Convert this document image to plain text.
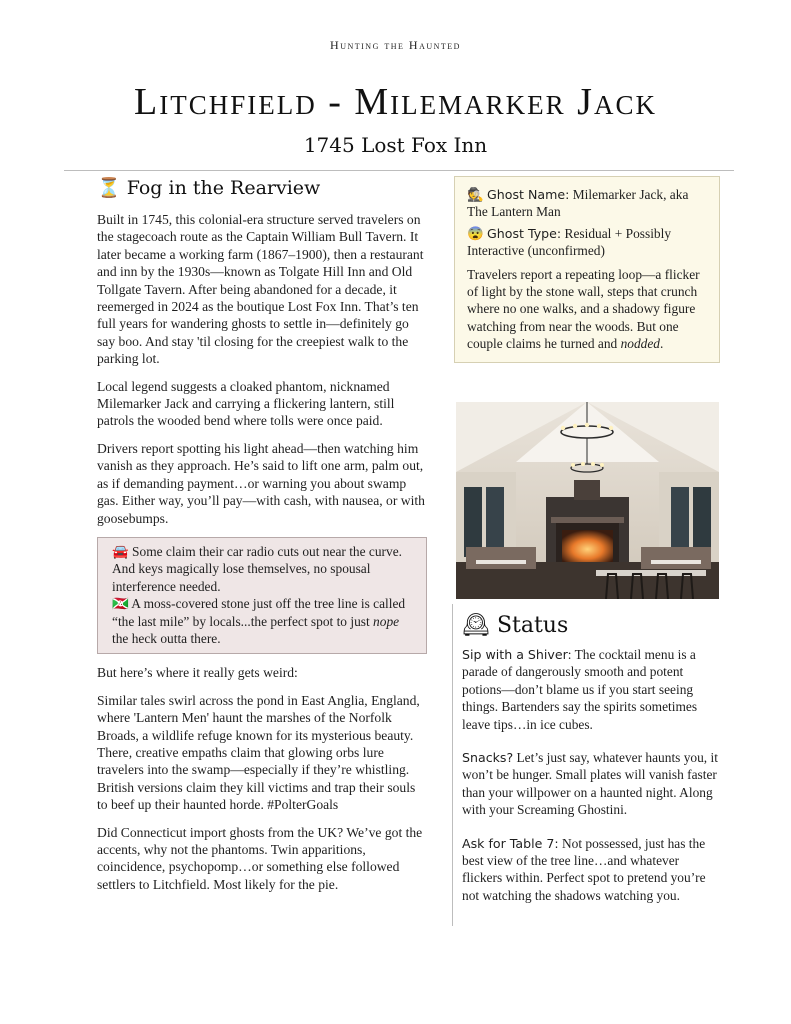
Hunting the Haunted
Litchfield - Milemarker Jack
1745 Lost Fox Inn
⏳ Fog in the Rearview

Built in 1745, this colonial-era structure served travelers on the stagecoach route as the Captain William Bull Tavern. It later became a working farm (1867–1900), then a restaurant and inn by the 1930s—known as Tolgate Hill Inn and Old Tollgate Tavern. After being abandoned for a decade, it reemerged in 2024 as the boutique Lost Fox Inn. That’s ten full years for wandering ghosts to settle in—definitely go say boo. And stay 'til closing for the creepiest walk to the parking lot.

Local legend suggests a cloaked phantom, nicknamed Milemarker Jack and carrying a flickering lantern, still patrols the wooded bend where tolls were once paid.

Drivers report spotting his light ahead—then watching him vanish as they approach. He’s said to lift one arm, palm out, as if demanding payment…or warning you about swamp gas. Either way, you’ll pay—with cash, with nausea, or with goosebumps.

🚘 Some claim their car radio cuts out near the curve. And keys magically lose themselves, no spousal interference needed.

🇧🇮 A moss-covered stone just off the tree line is called “the last mile” by locals...the perfect spot to just nope the heck outta there.

But here’s where it really gets weird:

Similar tales swirl across the pond in East Anglia, England, where 'Lantern Men' haunt the marshes of the Norfolk Broads, a wildlife refuge known for its mysterious beauty. There, creative empaths claim that glowing orbs lure travelers into the swamp—especially if they’re whistling. British versions claim they kill victims and trap their souls to beef up their haunted horde. #PolterGoals

Did Connecticut import ghosts from the UK? We’ve got the accents, why not the phantoms. Twin apparitions, coincidence, psychopomp…or something else followed settlers to Litchfield. Most likely for the pie.

🕵 Ghost Name: Milemarker Jack, aka The Lantern Man

😨 Ghost Type: Residual + Possibly Interactive (unconfirmed)

Travelers report a repeating loop—a flicker of light by the stone wall, steps that crunch where no one walks, and a shadowy figure watching from near the woods. But one couple claims he turned and nodded.

🕰 Status

Sip with a Shiver: The cocktail menu is a parade of dangerously smooth and potent potions—don’t blame us if you start seeing things. Bartenders say the spirits sometimes leave tips…in ice cubes.

Snacks? Let’s just say, whatever haunts you, it won’t be hunger. Small plates will vanish faster than your willpower on a haunted night. Along with your Screaming Ghostini.

Ask for Table 7: Not possessed, just has the best view of the tree line…and whatever flickers within. Perfect spot to pretend you’re not watching the shadows watching you.
